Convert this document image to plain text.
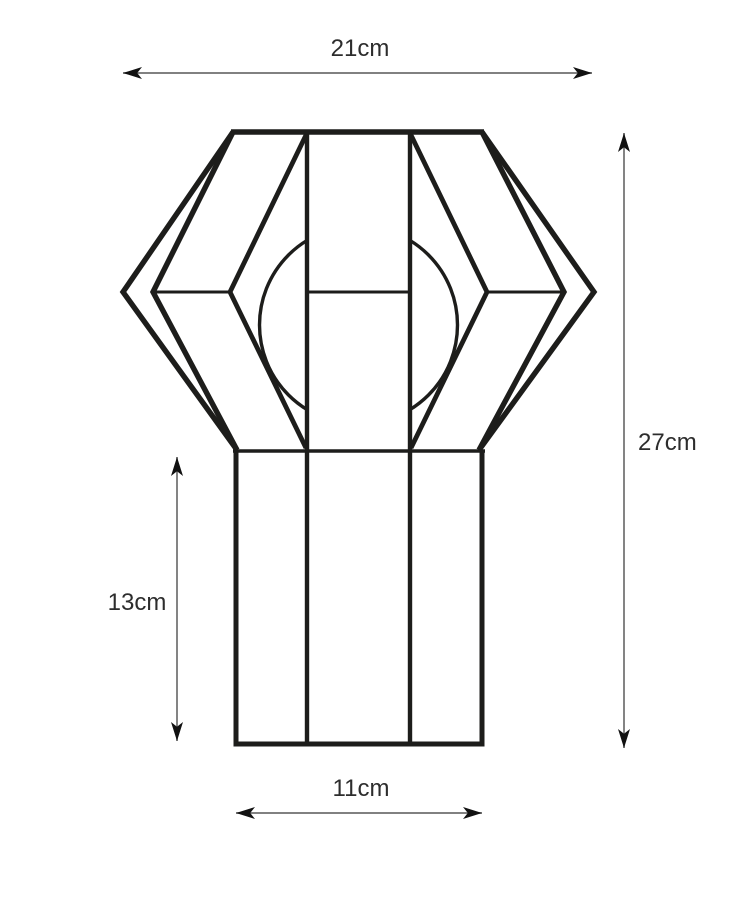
21cm
27cm
13cm
11cm
